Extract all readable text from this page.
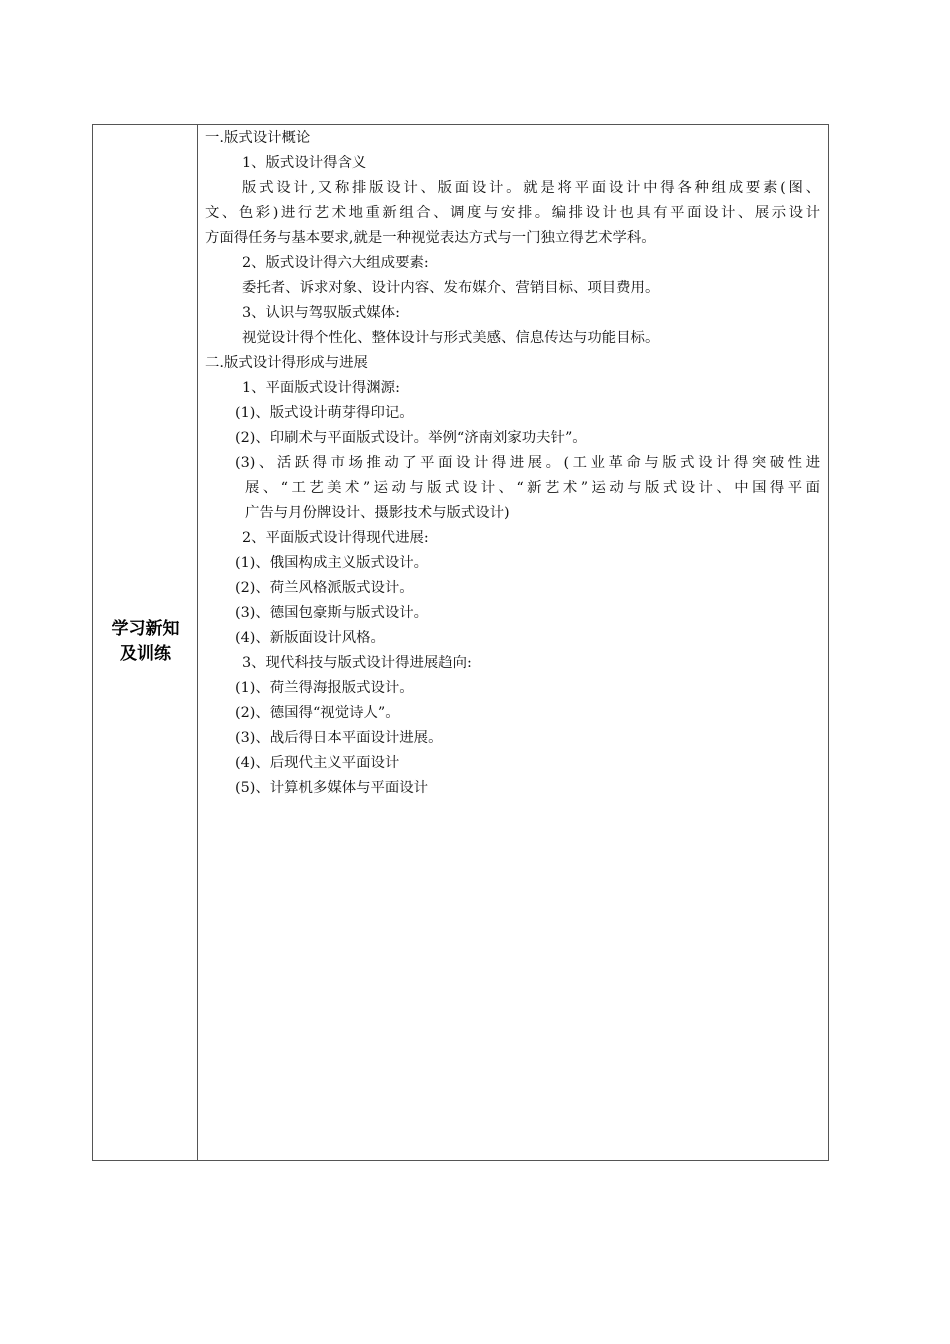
学习新知
及训练
一.版式设计概论
1、版式设计得含义
版式设计,又称排版设计、版面设计。就是将平面设计中得各种组成要素(图、
文、色彩)进行艺术地重新组合、调度与安排。编排设计也具有平面设计、展示设计
方面得任务与基本要求,就是一种视觉表达方式与一门独立得艺术学科。
2、版式设计得六大组成要素:
委托者、诉求对象、设计内容、发布媒介、营销目标、项目费用。
3、认识与驾驭版式媒体:
视觉设计得个性化、整体设计与形式美感、信息传达与功能目标。
二.版式设计得形成与进展
1、平面版式设计得渊源:
(1)、版式设计萌芽得印记。
(2)、印刷术与平面版式设计。举例“济南刘家功夫针”。
(3)、活跃得市场推动了平面设计得进展。(工业革命与版式设计得突破性进
展、“工艺美术”运动与版式设计、“新艺术”运动与版式设计、中国得平面
广告与月份牌设计、摄影技术与版式设计)
2、平面版式设计得现代进展:
(1)、俄国构成主义版式设计。
(2)、荷兰风格派版式设计。
(3)、德国包豪斯与版式设计。
(4)、新版面设计风格。
3、现代科技与版式设计得进展趋向:
(1)、荷兰得海报版式设计。
(2)、德国得“视觉诗人”。
(3)、战后得日本平面设计进展。
(4)、后现代主义平面设计
(5)、计算机多媒体与平面设计
